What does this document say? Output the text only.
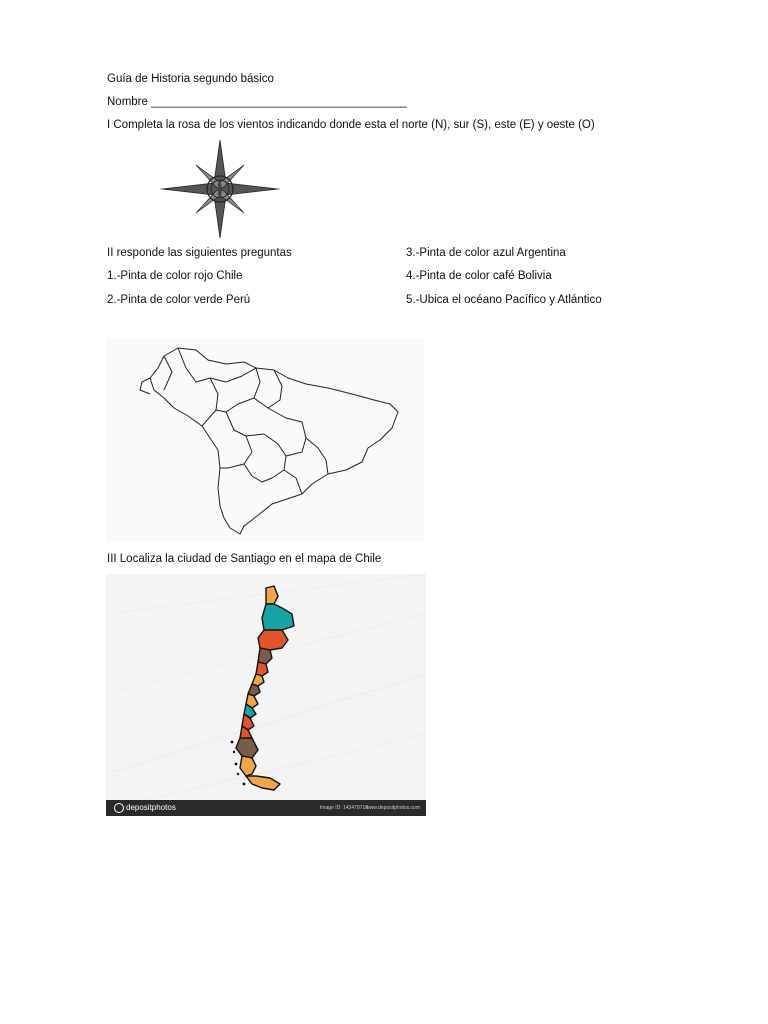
Guía de Historia segundo básico
Nombre ________________________________________
I Completa la rosa de los vientos indicando donde esta el norte (N), sur (S), este (E) y oeste (O)
II responde las siguientes preguntas	3.-Pinta de color azul Argentina
1.-Pinta de color rojo Chile	4.-Pinta de color café Bolivia
2.-Pinta de color verde Perú	5.-Ubica el océano Pacífico y Atlántico
III Localiza la ciudad de Santiago en el mapa de Chile
depositphotos	Image ID: 143479718
www.depositphotos.com
